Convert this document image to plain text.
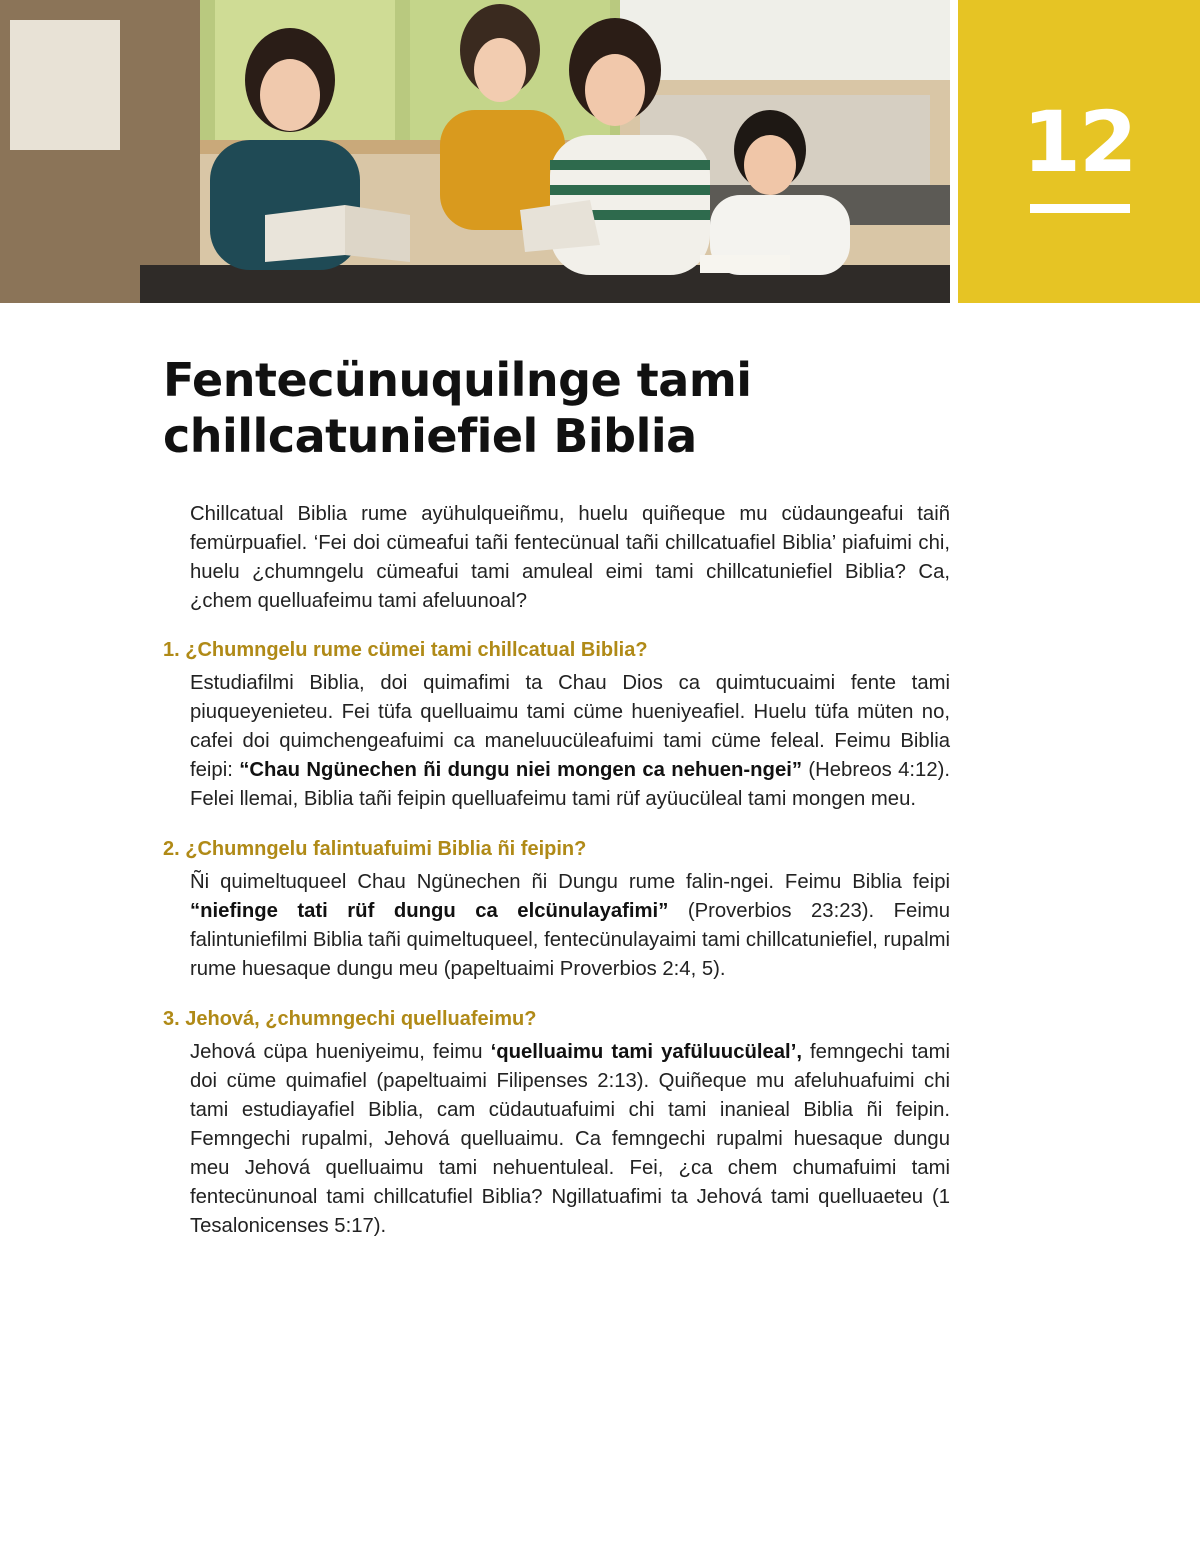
12
Fentecünuquilnge tami
chillcatuniefiel Biblia

Chillcatual Biblia rume ayühulqueiñmu, huelu quiñeque mu cüdaungeafui taiñ femürpuafiel. ‘Fei doi cümeafui tañi fentecünual tañi chillcatuafiel Biblia’ piafuimi chi, huelu ¿chumngelu cümeafui tami amuleal eimi tami chillcatuniefiel Biblia? Ca, ¿chem quelluafeimu tami afeluunoal?

1. ¿Chumngelu rume cümei tami chillcatual Biblia?

Estudiafilmi Biblia, doi quimafimi ta Chau Dios ca quimtucuaimi fente tami piuqueyenieteu. Fei tüfa quelluaimu tami cüme hueniyeafiel. Huelu tüfa müten no, cafei doi quimchengeafuimi ca maneluucüleafuimi tami cüme feleal. Feimu Biblia feipi: “Chau Ngünechen ñi dungu niei mongen ca nehuen-ngei” (Hebreos 4:12). Felei llemai, Biblia tañi feipin quelluafeimu tami rüf ayüucüleal tami mongen meu.

2. ¿Chumngelu falintuafuimi Biblia ñi feipin?

Ñi quimeltuqueel Chau Ngünechen ñi Dungu rume falin-ngei. Feimu Biblia feipi “niefinge tati rüf dungu ca elcünulayafimi” (Proverbios 23:23). Feimu falintuniefilmi Biblia tañi quimeltuqueel, fentecünulayaimi tami chillcatuniefiel, rupalmi rume huesaque dungu meu (papeltuaimi Proverbios 2:4, 5).

3. Jehová, ¿chumngechi quelluafeimu?

Jehová cüpa hueniyeimu, feimu ‘quelluaimu tami yafüluucüleal’, femngechi tami doi cüme quimafiel (papeltuaimi Filipenses 2:13). Quiñeque mu afeluhuafuimi chi tami estudiayafiel Biblia, cam cüdautuafuimi chi tami inanieal Biblia ñi feipin. Femngechi rupalmi, Jehová quelluaimu. Ca femngechi rupalmi huesaque dungu meu Jehová quelluaimu tami nehuentuleal. Fei, ¿ca chem chumafuimi tami fentecünunoal tami chillcatufiel Biblia? Ngillatuafimi ta Jehová tami quelluaeteu (1 Tesalonicenses 5:17).
